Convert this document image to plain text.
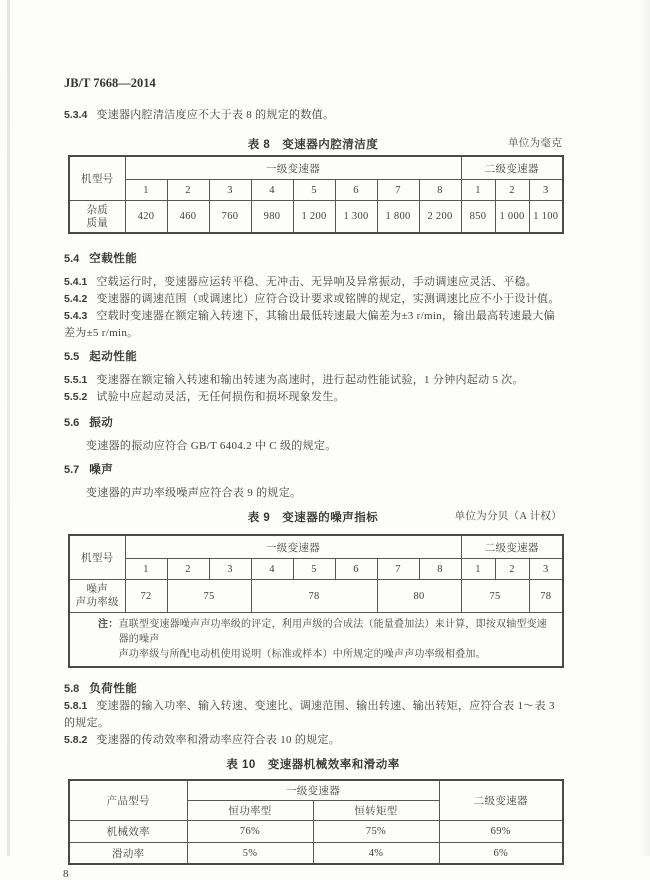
JB/T 7668—2014

5.3.4 变速器内腔清洁度应不大于表 8 的规定的数值。

表 8　变速器内腔清洁度	单位为毫克
机型号	一级变速器								二级变速器		
	1	2	3	4	5	6	7	8	1	2	3

杂质
质量	420	460	760	980	1 200	1 300	1 800	2 200	850	1 000	1 100

5.4 空载性能

5.4.1 空载运行时，变速器应运转平稳、无冲击、无异响及异常振动，手动调速应灵活、平稳。

5.4.2 变速器的调速范围（或调速比）应符合设计要求或铭牌的规定，实测调速比应不小于设计值。

5.4.3 空载时变速器在额定输入转速下，其输出最低转速最大偏差为±3 r/min，输出最高转速最大偏差为±5 r/min。

5.5 起动性能

5.5.1 变速器在额定输入转速和输出转速为高速时，进行起动性能试验，1 分钟内起动 5 次。

5.5.2 试验中应起动灵活，无任何损伤和损坏现象发生。

5.6 振动

变速器的振动应符合 GB/T 6404.2 中 C 级的规定。

5.7 噪声

变速器的声功率级噪声应符合表 9 的规定。

表 9　变速器的噪声指标	单位为分贝（A 计权）
机型号	一级变速器								二级变速器		
	1	2	3	4	5	6	7	8	1	2	3

噪声
声功率级	72	75		78			80		75		78

注： 直联型变速器噪声声功率级的评定，利用声级的合成法（能量叠加法）来计算，即按双轴型变速器的噪声
声功率级与所配电动机使用说明（标准或样本）中所规定的噪声声功率级相叠加。											

5.8 负荷性能

5.8.1 变速器的输入功率、输入转速、变速比、调速范围、输出转速、输出转矩，应符合表 1～表 3 的规定。

5.8.2 变速器的传动效率和滑动率应符合表 10 的规定。

表 10　变速器机械效率和滑动率
产品型号	一级变速器		二级变速器
	恒功率型	恒转矩型	
机械效率	76%	75%	69%
滑动率	5%	4%	6%
8
